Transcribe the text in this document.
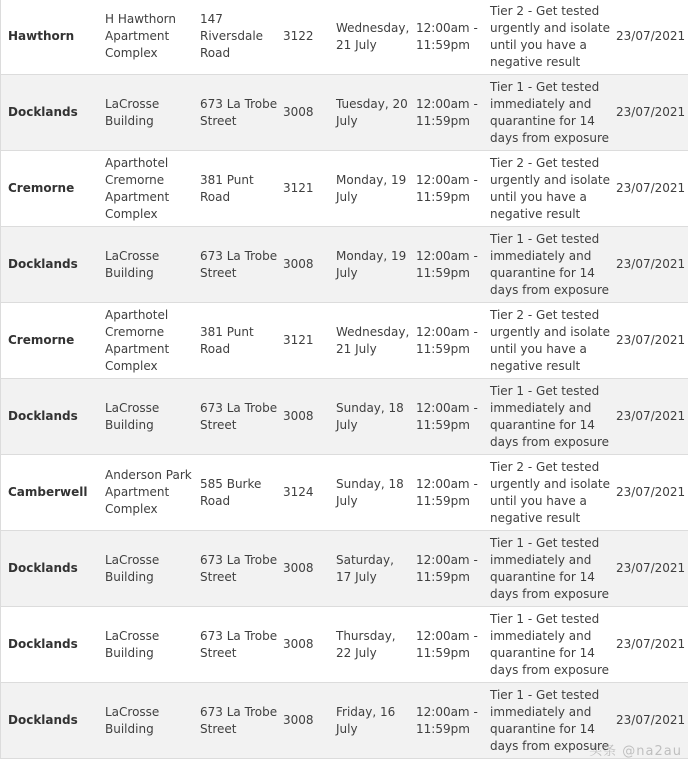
Hawthorn
H Hawthorn Apartment Complex
147 Riversdale Road
3122
Wednesday, 21 July
12:00am - 11:59pm
Tier 2 - Get tested urgently and isolate until you have a negative result
23/07/2021
Docklands
LaCrosse Building
673 La Trobe Street
3008
Tuesday, 20 July
12:00am - 11:59pm
Tier 1 - Get tested immediately and quarantine for 14 days from exposure
23/07/2021
Cremorne
Aparthotel Cremorne Apartment Complex
381 Punt Road
3121
Monday, 19 July
12:00am - 11:59pm
Tier 2 - Get tested urgently and isolate until you have a negative result
23/07/2021
Docklands
LaCrosse Building
673 La Trobe Street
3008
Monday, 19 July
12:00am - 11:59pm
Tier 1 - Get tested immediately and quarantine for 14 days from exposure
23/07/2021
Cremorne
Aparthotel Cremorne Apartment Complex
381 Punt Road
3121
Wednesday, 21 July
12:00am - 11:59pm
Tier 2 - Get tested urgently and isolate until you have a negative result
23/07/2021
Docklands
LaCrosse Building
673 La Trobe Street
3008
Sunday, 18 July
12:00am - 11:59pm
Tier 1 - Get tested immediately and quarantine for 14 days from exposure
23/07/2021
Camberwell
Anderson Park Apartment Complex
585 Burke Road
3124
Sunday, 18 July
12:00am - 11:59pm
Tier 2 - Get tested urgently and isolate until you have a negative result
23/07/2021
Docklands
LaCrosse Building
673 La Trobe Street
3008
Saturday, 17 July
12:00am - 11:59pm
Tier 1 - Get tested immediately and quarantine for 14 days from exposure
23/07/2021
Docklands
LaCrosse Building
673 La Trobe Street
3008
Thursday, 22 July
12:00am - 11:59pm
Tier 1 - Get tested immediately and quarantine for 14 days from exposure
23/07/2021
Docklands
LaCrosse Building
673 La Trobe Street
3008
Friday, 16 July
12:00am - 11:59pm
Tier 1 - Get tested immediately and quarantine for 14 days from exposure
23/07/2021
头条 @na2au
